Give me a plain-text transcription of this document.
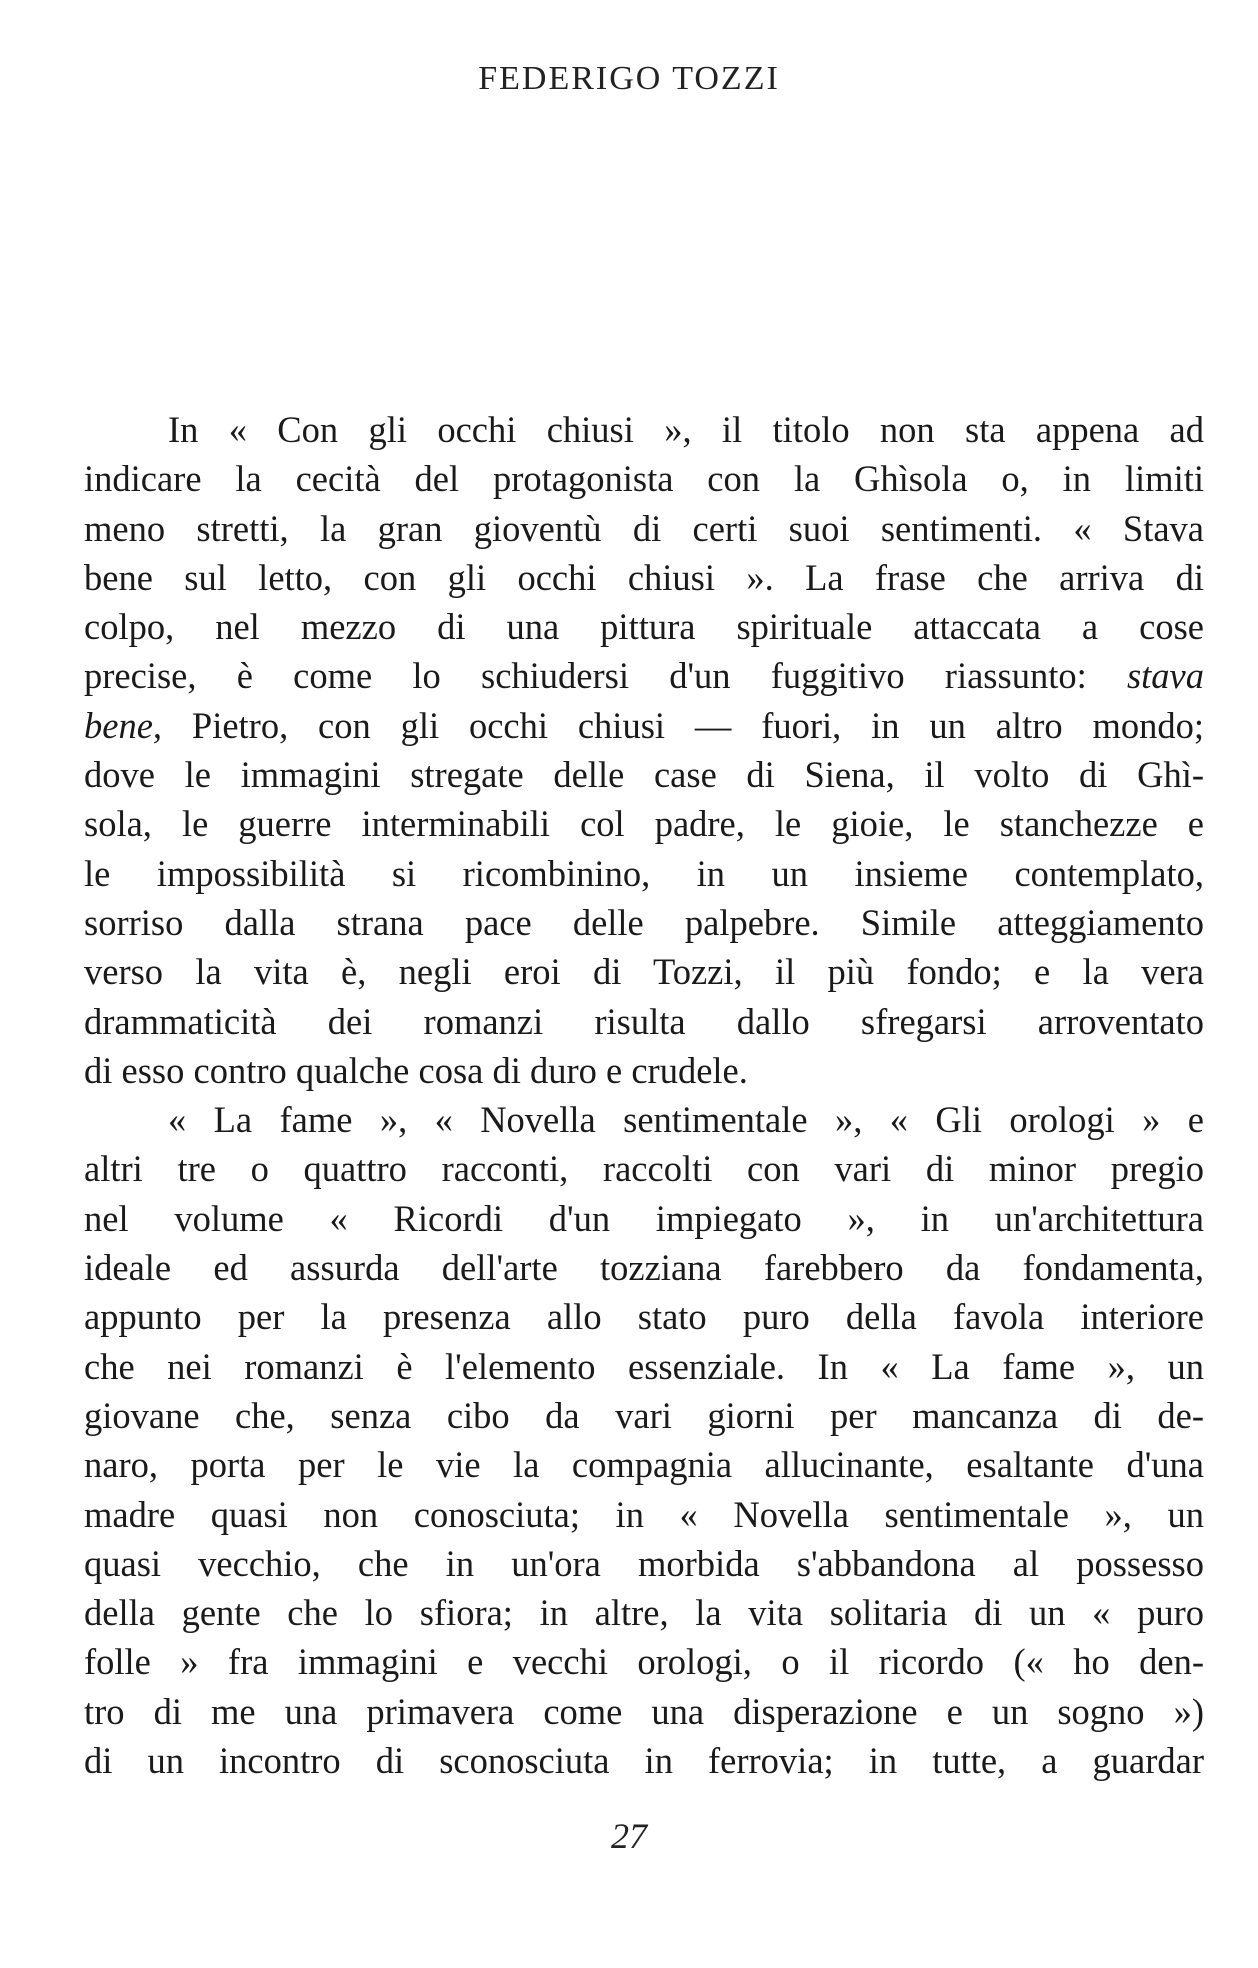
FEDERIGO TOZZI
In « Con gli occhi chiusi », il titolo non sta appena ad
indicare la cecità del protagonista con la Ghìsola o, in limiti
meno stretti, la gran gioventù di certi suoi sentimenti. « Stava
bene sul letto, con gli occhi chiusi ». La frase che arriva di
colpo, nel mezzo di una pittura spirituale attaccata a cose
precise, è come lo schiudersi d'un fuggitivo riassunto: stava
bene, Pietro, con gli occhi chiusi — fuori, in un altro mondo;
dove le immagini stregate delle case di Siena, il volto di Ghì-
sola, le guerre interminabili col padre, le gioie, le stanchezze e
le impossibilità si ricombinino, in un insieme contemplato,
sorriso dalla strana pace delle palpebre. Simile atteggiamento
verso la vita è, negli eroi di Tozzi, il più fondo; e la vera
drammaticità dei romanzi risulta dallo sfregarsi arroventato
di esso contro qualche cosa di duro e crudele.
« La fame », « Novella sentimentale », « Gli orologi » e
altri tre o quattro racconti, raccolti con vari di minor pregio
nel volume « Ricordi d'un impiegato », in un'architettura
ideale ed assurda dell'arte tozziana farebbero da fondamenta,
appunto per la presenza allo stato puro della favola interiore
che nei romanzi è l'elemento essenziale. In « La fame », un
giovane che, senza cibo da vari giorni per mancanza di de-
naro, porta per le vie la compagnia allucinante, esaltante d'una
madre quasi non conosciuta; in « Novella sentimentale », un
quasi vecchio, che in un'ora morbida s'abbandona al possesso
della gente che lo sfiora; in altre, la vita solitaria di un « puro
folle » fra immagini e vecchi orologi, o il ricordo (« ho den-
tro di me una primavera come una disperazione e un sogno »)
di un incontro di sconosciuta in ferrovia; in tutte, a guardar
27
